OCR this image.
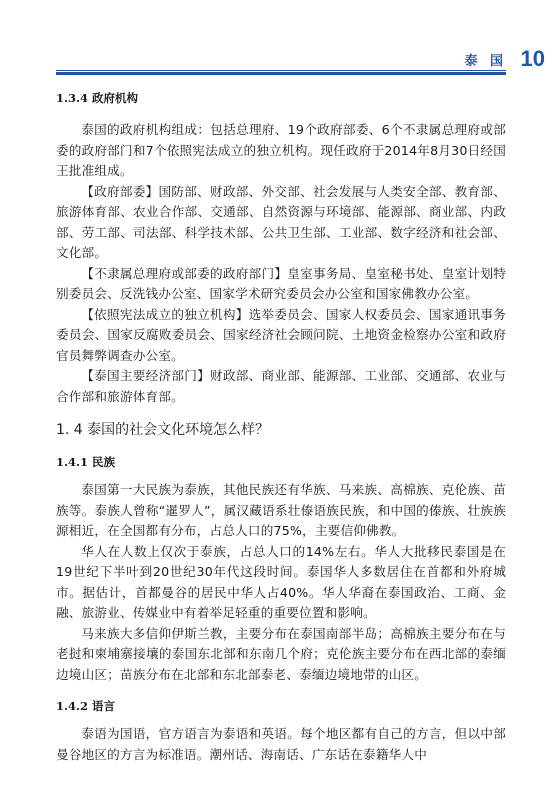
泰 国 10
1.3.4 政府机构

泰国的政府机构组成：包括总理府、19个政府部委、6个不隶属总理府或部委的政府部门和7个依照宪法成立的独立机构。现任政府于2014年8月30日经国王批准组成。

【政府部委】国防部、财政部、外交部、社会发展与人类安全部、教育部、旅游体育部、农业合作部、交通部、自然资源与环境部、能源部、商业部、内政部、劳工部、司法部、科学技术部、公共卫生部、工业部、数字经济和社会部、文化部。

【不隶属总理府或部委的政府部门】皇室事务局、皇室秘书处、皇室计划特别委员会、反洗钱办公室、国家学术研究委员会办公室和国家佛教办公室。

【依照宪法成立的独立机构】选举委员会、国家人权委员会、国家通讯事务委员会、国家反腐败委员会、国家经济社会顾问院、土地资金检察办公室和政府官员舞弊调查办公室。

【泰国主要经济部门】财政部、商业部、能源部、工业部、交通部、农业与合作部和旅游体育部。

1. 4 泰国的社会文化环境怎么样？
1.4.1 民族

泰国第一大民族为泰族，其他民族还有华族、马来族、高棉族、克伦族、苗族等。泰族人曾称“暹罗人”，属汉藏语系壮傣语族民族，和中国的傣族、壮族族源相近，在全国都有分布，占总人口的75%，主要信仰佛教。

华人在人数上仅次于泰族，占总人口的14%左右。华人大批移民泰国是在19世纪下半叶到20世纪30年代这段时间。泰国华人多数居住在首都和外府城市。据估计，首都曼谷的居民中华人占40%。华人华裔在泰国政治、工商、金融、旅游业、传媒业中有着举足轻重的重要位置和影响。

马来族大多信仰伊斯兰教，主要分布在泰国南部半岛；高棉族主要分布在与老挝和柬埔寨接壤的泰国东北部和东南几个府；克伦族主要分布在西北部的泰缅边境山区；苗族分布在北部和东北部泰老、泰缅边境地带的山区。

1.4.2 语言

泰语为国语，官方语言为泰语和英语。每个地区都有自己的方言，但以中部曼谷地区的方言为标准语。潮州话、海南话、广东话在泰籍华人中
